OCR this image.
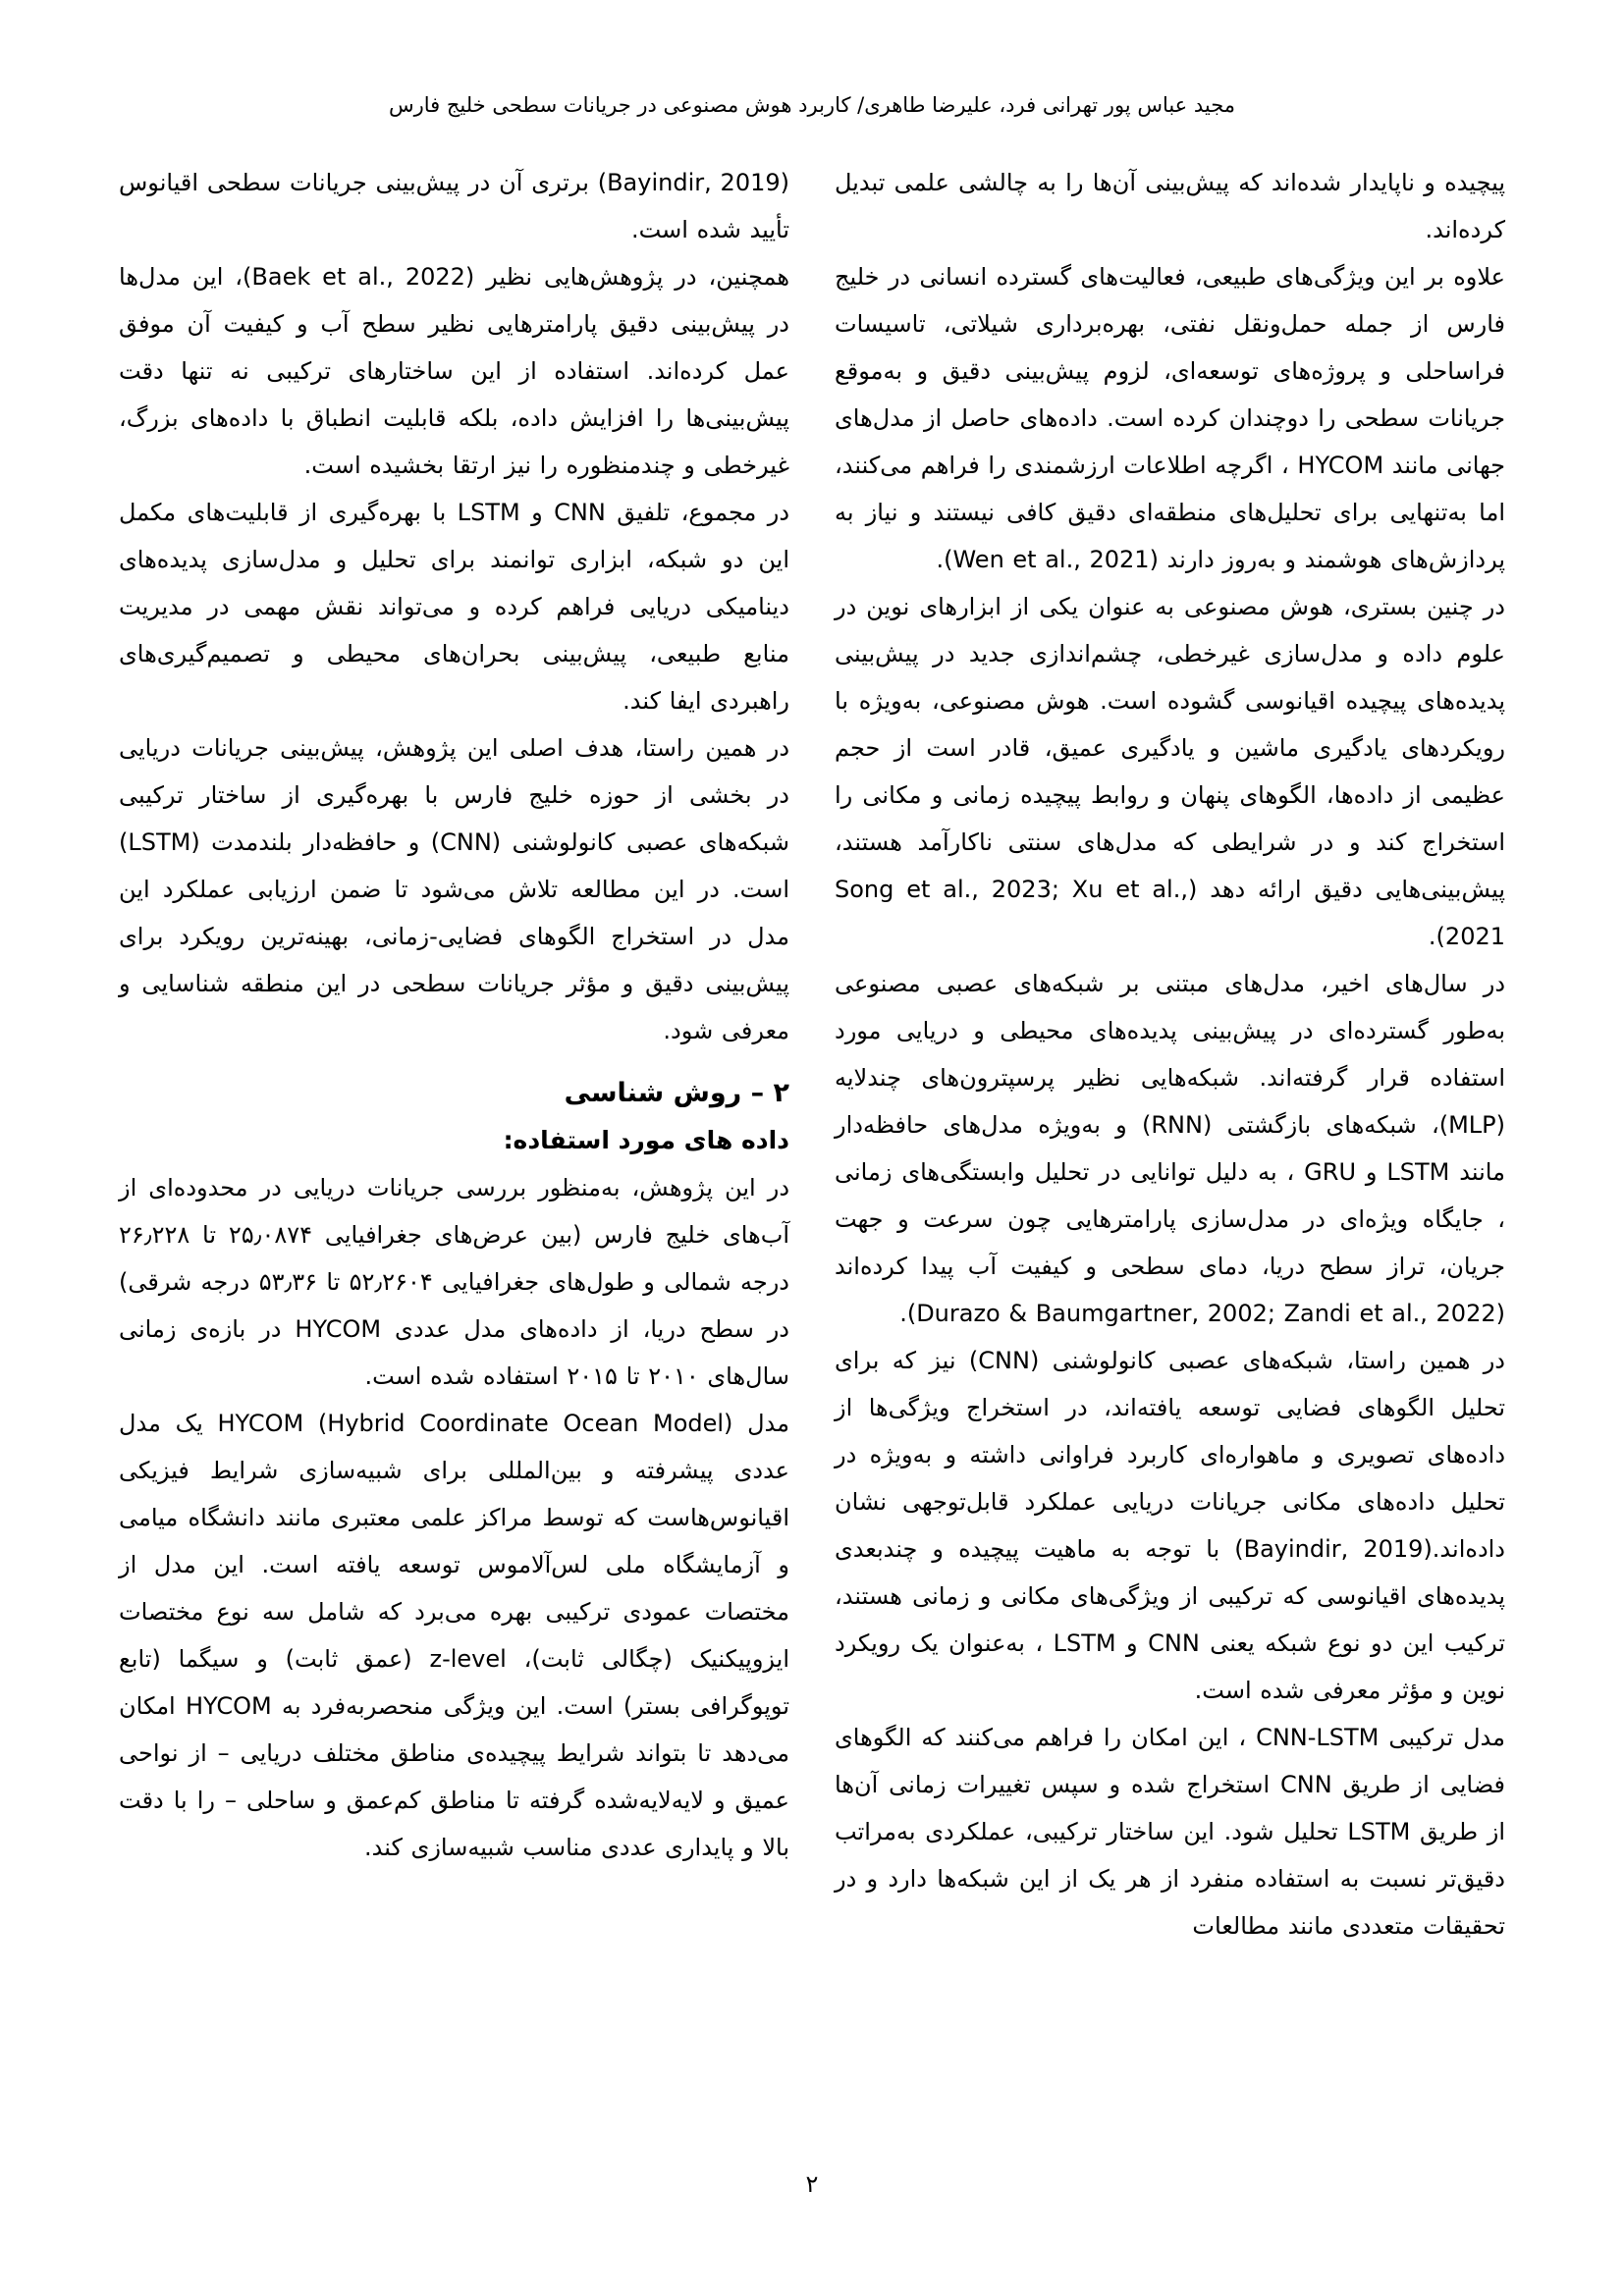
مجید عباس پور تهرانی فرد، علیرضا طاهری/ کاربرد هوش مصنوعی در جریانات سطحی خلیج فارس

پیچیده و ناپایدار شده‌اند که پیش‌بینی آن‌ها را به چالشی علمی تبدیل کرده‌اند.

علاوه بر این ویژگی‌های طبیعی، فعالیت‌های گسترده انسانی در خلیج فارس از جمله حمل‌ونقل نفتی، بهره‌برداری شیلاتی، تاسیسات فراساحلی و پروژه‌های توسعه‌ای، لزوم پیش‌بینی دقیق و به‌موقع جریانات سطحی را دوچندان کرده است. داده‌های حاصل از مدل‌های جهانی مانند HYCOM ، اگرچه اطلاعات ارزشمندی را فراهم می‌کنند، اما به‌تنهایی برای تحلیل‌های منطقه‌ای دقیق کافی نیستند و نیاز به پردازش‌های هوشمند و به‌روز دارند (Wen et al., 2021).

در چنین بستری، هوش مصنوعی به عنوان یکی از ابزارهای نوین در علوم داده و مدل‌سازی غیرخطی، چشم‌اندازی جدید در پیش‌بینی پدیده‌های پیچیده اقیانوسی گشوده است. هوش مصنوعی، به‌ویژه با رویکردهای یادگیری ماشین و یادگیری عمیق، قادر است از حجم عظیمی از داده‌ها، الگوهای پنهان و روابط پیچیده زمانی و مکانی را استخراج کند و در شرایطی که مدل‌های سنتی ناکارآمد هستند، پیش‌بینی‌هایی دقیق ارائه دهد (Song et al., 2023; Xu et al., 2021).

در سال‌های اخیر، مدل‌های مبتنی بر شبکه‌های عصبی مصنوعی به‌طور گسترده‌ای در پیش‌بینی پدیده‌های محیطی و دریایی مورد استفاده قرار گرفته‌اند. شبکه‌هایی نظیر پرسپترون‌های چندلایه (MLP)، شبکه‌های بازگشتی (RNN) و به‌ویژه مدل‌های حافظه‌دار مانند LSTM و GRU ، به دلیل توانایی در تحلیل وابستگی‌های زمانی ، جایگاه ویژه‌ای در مدل‌سازی پارامترهایی چون سرعت و جهت جریان، تراز سطح دریا، دمای سطحی و کیفیت آب پیدا کرده‌اند (Durazo & Baumgartner, 2002; Zandi et al., 2022).

در همین راستا، شبکه‌های عصبی کانولوشنی (CNN) نیز که برای تحلیل الگوهای فضایی توسعه یافته‌اند، در استخراج ویژگی‌ها از داده‌های تصویری و ماهواره‌ای کاربرد فراوانی داشته و به‌ویژه در تحلیل داده‌های مکانی جریانات دریایی عملکرد قابل‌توجهی نشان داده‌اند.(Bayindir, 2019) با توجه به ماهیت پیچیده و چندبعدی پدیده‌های اقیانوسی که ترکیبی از ویژگی‌های مکانی و زمانی هستند، ترکیب این دو نوع شبکه یعنی CNN و LSTM ، به‌عنوان یک رویکرد نوین و مؤثر معرفی شده است.

مدل ترکیبی CNN-LSTM ، این امکان را فراهم می‌کنند که الگوهای فضایی از طریق CNN استخراج شده و سپس تغییرات زمانی آن‌ها از طریق LSTM تحلیل شود. این ساختار ترکیبی، عملکردی به‌مراتب دقیق‌تر نسبت به استفاده منفرد از هر یک از این شبکه‌ها دارد و در تحقیقات متعددی مانند مطالعات

(Bayindir, 2019) برتری آن در پیش‌بینی جریانات سطحی اقیانوس تأیید شده است.

همچنین، در پژوهش‌هایی نظیر (Baek et al., 2022)، این مدل‌ها در پیش‌بینی دقیق پارامترهایی نظیر سطح آب و کیفیت آن موفق عمل کرده‌اند. استفاده از این ساختارهای ترکیبی نه تنها دقت پیش‌بینی‌ها را افزایش داده، بلکه قابلیت انطباق با داده‌های بزرگ، غیرخطی و چندمنظوره را نیز ارتقا بخشیده است.

در مجموع، تلفیق CNN و LSTM با بهره‌گیری از قابلیت‌های مکمل این دو شبکه، ابزاری توانمند برای تحلیل و مدل‌سازی پدیده‌های دینامیکی دریایی فراهم کرده و می‌تواند نقش مهمی در مدیریت منابع طبیعی، پیش‌بینی بحران‌های محیطی و تصمیم‌گیری‌های راهبردی ایفا کند.

در همین راستا، هدف اصلی این پژوهش، پیش‌بینی جریانات دریایی در بخشی از حوزه خلیج فارس با بهره‌گیری از ساختار ترکیبی شبکه‌های عصبی کانولوشنی (CNN) و حافظه‌دار بلندمدت (LSTM) است. در این مطالعه تلاش می‌شود تا ضمن ارزیابی عملکرد این مدل در استخراج الگوهای فضایی-زمانی، بهینه‌ترین رویکرد برای پیش‌بینی دقیق و مؤثر جریانات سطحی در این منطقه شناسایی و معرفی شود.

۲ – روش شناسی
داده های مورد استفاده:

در این پژوهش، به‌منظور بررسی جریانات دریایی در محدوده‌ای از آب‌های خلیج فارس (بین عرض‌های جغرافیایی ۲۵٫۰۸۷۴ تا ۲۶٫۲۲۸ درجه شمالی و طول‌های جغرافیایی ۵۲٫۲۶۰۴ تا ۵۳٫۳۶ درجه شرقی) در سطح دریا، از داده‌های مدل عددی HYCOM در بازه‌ی زمانی سال‌های ۲۰۱۰ تا ۲۰۱۵ استفاده شده است.

مدل HYCOM (Hybrid Coordinate Ocean Model) یک مدل عددی پیشرفته و بین‌المللی برای شبیه‌سازی شرایط فیزیکی اقیانوس‌هاست که توسط مراکز علمی معتبری مانند دانشگاه میامی و آزمایشگاه ملی لس‌آلاموس توسعه یافته است. این مدل از مختصات عمودی ترکیبی بهره می‌برد که شامل سه نوع مختصات ایزوپیکنیک (چگالی ثابت)، z-level (عمق ثابت) و سیگما (تابع توپوگرافی بستر) است. این ویژگی منحصربه‌فرد به HYCOM امکان می‌دهد تا بتواند شرایط پیچیده‌ی مناطق مختلف دریایی – از نواحی عمیق و لایه‌لایه‌شده گرفته تا مناطق کم‌عمق و ساحلی – را با دقت بالا و پایداری عددی مناسب شبیه‌سازی کند.

۲
